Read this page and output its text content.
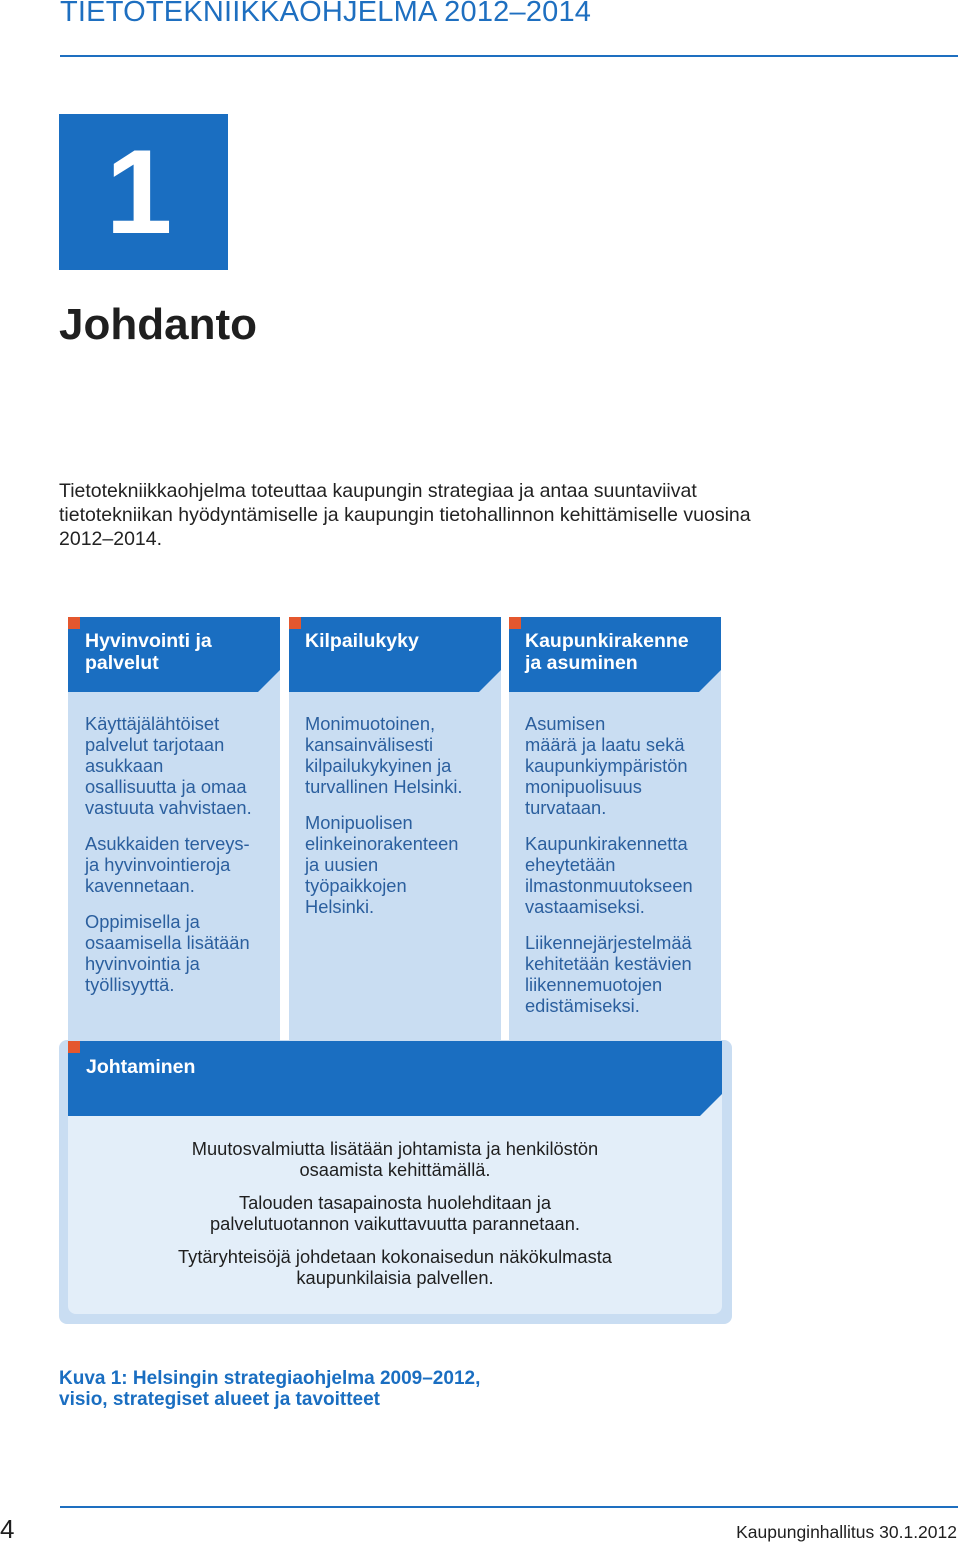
TIETOTEKNIIKKAOHJELMA 2012–2014
1
Johdanto

Tietotekniikkaohjelma toteuttaa kaupungin strategiaa ja antaa suuntaviivat tietotekniikan hyödyntämiselle ja kaupungin tietohallinnon kehittämiselle vuosina 2012–2014.

Hyvinvointi ja
palvelut
Kilpailukyky	Kaupunkirakenne
ja asuminen

Käyttäjälähtöiset
palvelut tarjotaan
asukkaan
osallisuutta ja omaa
vastuuta vahvistaen.

Asukkaiden terveys-
ja hyvinvointieroja
kavennetaan.

Oppimisella ja
osaamisella lisätään
hyvinvointia ja
työllisyyttä.

Monimuotoinen,
kansainvälisesti
kilpailukykyinen ja
turvallinen Helsinki.

Monipuolisen
elinkeinorakenteen
ja uusien
työpaikkojen
Helsinki.

Asumisen
määrä ja laatu sekä
kaupunkiympäristön
monipuolisuus
turvataan.

Kaupunkirakennetta
eheytetään
ilmastonmuutokseen
vastaamiseksi.

Liikennejärjestelmää
kehitetään kestävien
liikennemuotojen
edistämiseksi.

Johtaminen

Muutosvalmiutta lisätään johtamista ja henkilöstön
osaamista kehittämällä.

Talouden tasapainosta huolehditaan ja
palvelutuotannon vaikuttavuutta parannetaan.

Tytäryhteisöjä johdetaan kokonaisedun näkökulmasta
kaupunkilaisia palvellen.

Kuva 1: Helsingin strategiaohjelma 2009–2012,
visio, strategiset alueet ja tavoitteet
4	Kaupunginhallitus 30.1.2012
